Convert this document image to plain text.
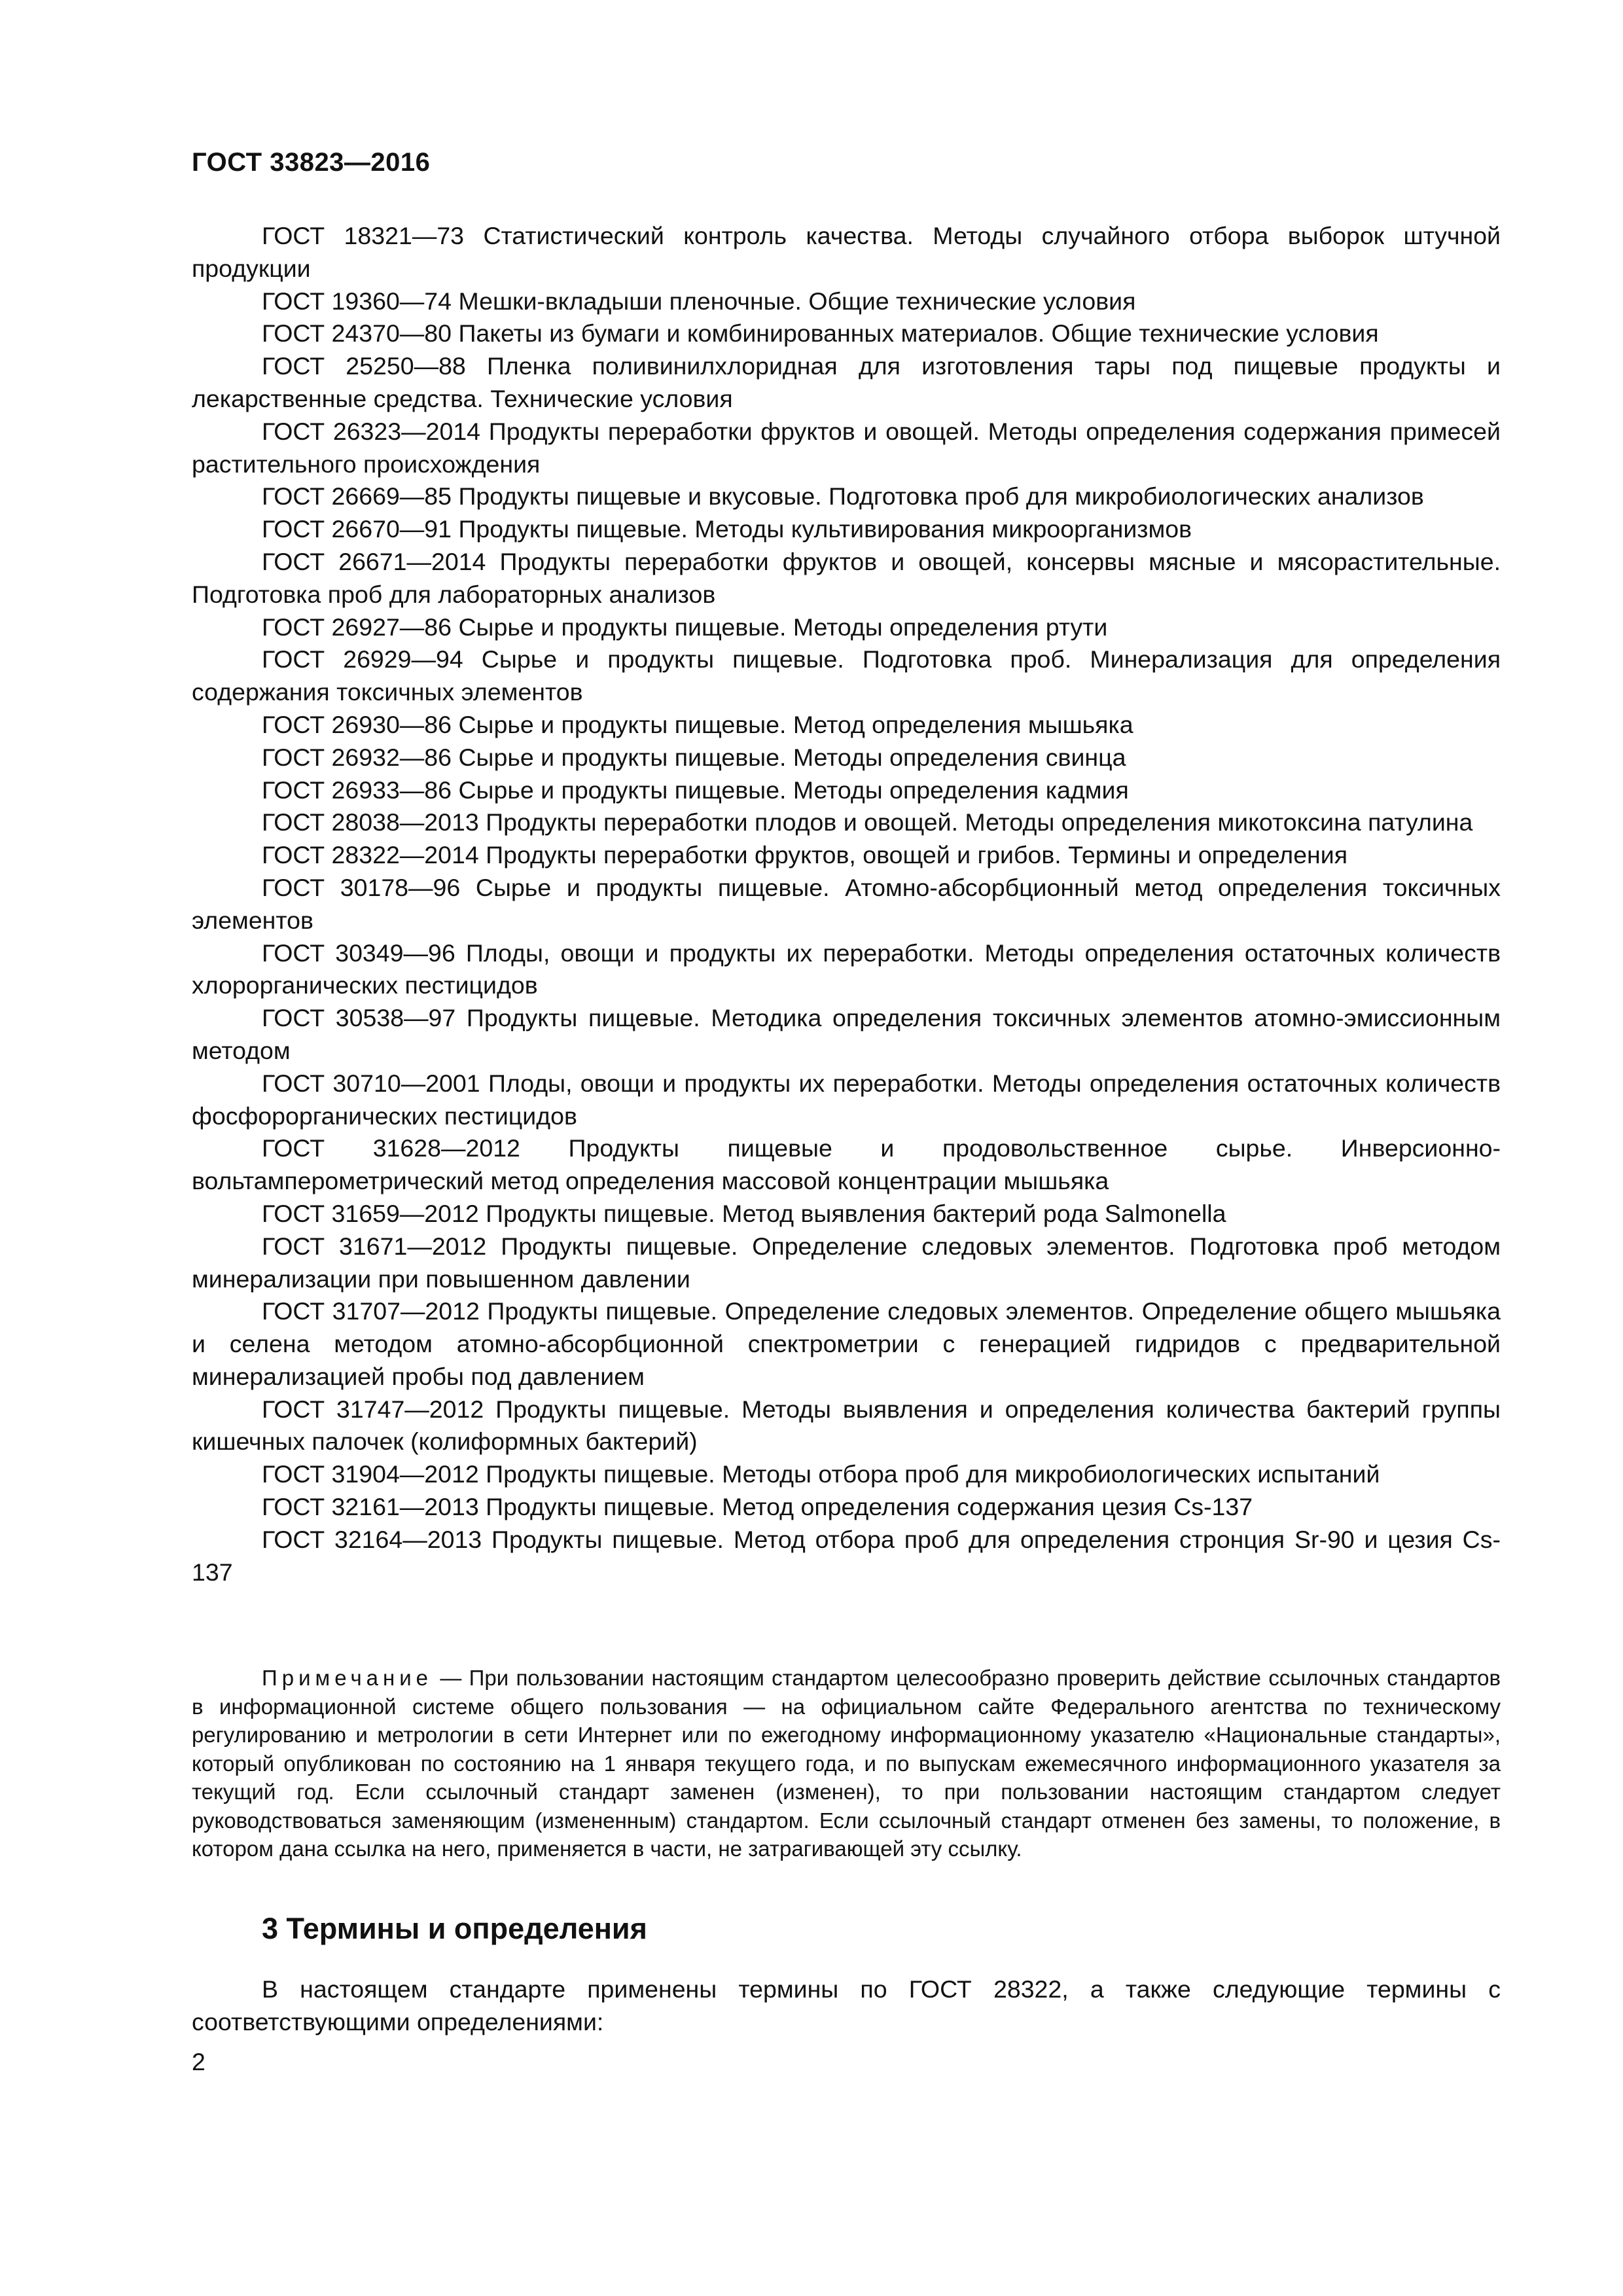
ГОСТ 33823—2016

ГОСТ 18321—73 Статистический контроль качества. Методы случайного отбора выборок штучной продукции

ГОСТ 19360—74 Мешки-вкладыши пленочные. Общие технические условия

ГОСТ 24370—80 Пакеты из бумаги и комбинированных материалов. Общие технические условия

ГОСТ 25250—88 Пленка поливинилхлоридная для изготовления тары под пищевые продукты и лекарственные средства. Технические условия

ГОСТ 26323—2014 Продукты переработки фруктов и овощей. Методы определения содержания примесей растительного происхождения

ГОСТ 26669—85 Продукты пищевые и вкусовые. Подготовка проб для микробиологических анализов

ГОСТ 26670—91 Продукты пищевые. Методы культивирования микроорганизмов

ГОСТ 26671—2014 Продукты переработки фруктов и овощей, консервы мясные и мясорастительные. Подготовка проб для лабораторных анализов

ГОСТ 26927—86 Сырье и продукты пищевые. Методы определения ртути

ГОСТ 26929—94 Сырье и продукты пищевые. Подготовка проб. Минерализация для определения содержания токсичных элементов

ГОСТ 26930—86 Сырье и продукты пищевые. Метод определения мышьяка

ГОСТ 26932—86 Сырье и продукты пищевые. Методы определения свинца

ГОСТ 26933—86 Сырье и продукты пищевые. Методы определения кадмия

ГОСТ 28038—2013 Продукты переработки плодов и овощей. Методы определения микотоксина патулина

ГОСТ 28322—2014 Продукты переработки фруктов, овощей и грибов. Термины и определения

ГОСТ 30178—96 Сырье и продукты пищевые. Атомно-абсорбционный метод определения токсичных элементов

ГОСТ 30349—96 Плоды, овощи и продукты их переработки. Методы определения остаточных количеств хлорорганических пестицидов

ГОСТ 30538—97 Продукты пищевые. Методика определения токсичных элементов атомно-эмиссионным методом

ГОСТ 30710—2001 Плоды, овощи и продукты их переработки. Методы определения остаточных количеств фосфорорганических пестицидов

ГОСТ 31628—2012 Продукты пищевые и продовольственное сырье. Инверсионно-вольтамперометрический метод определения массовой концентрации мышьяка

ГОСТ 31659—2012 Продукты пищевые. Метод выявления бактерий рода Salmonella

ГОСТ 31671—2012 Продукты пищевые. Определение следовых элементов. Подготовка проб методом минерализации при повышенном давлении

ГОСТ 31707—2012 Продукты пищевые. Определение следовых элементов. Определение общего мышьяка и селена методом атомно-абсорбционной спектрометрии с генерацией гидридов с предварительной минерализацией пробы под давлением

ГОСТ 31747—2012 Продукты пищевые. Методы выявления и определения количества бактерий группы кишечных палочек (колиформных бактерий)

ГОСТ 31904—2012 Продукты пищевые. Методы отбора проб для микробиологических испытаний

ГОСТ 32161—2013 Продукты пищевые. Метод определения содержания цезия Cs-137

ГОСТ 32164—2013 Продукты пищевые. Метод отбора проб для определения стронция Sr-90 и цезия Cs-137

Примечание — При пользовании настоящим стандартом целесообразно проверить действие ссылочных стандартов в информационной системе общего пользования — на официальном сайте Федерального агентства по техническому регулированию и метрологии в сети Интернет или по ежегодному информационному указателю «Национальные стандарты», который опубликован по состоянию на 1 января текущего года, и по выпускам ежемесячного информационного указателя за текущий год. Если ссылочный стандарт заменен (изменен), то при пользовании настоящим стандартом следует руководствоваться заменяющим (измененным) стандартом. Если ссылочный стандарт отменен без замены, то положение, в котором дана ссылка на него, применяется в части, не затрагивающей эту ссылку.

3 Термины и определения

В настоящем стандарте применены термины по ГОСТ 28322, а также следующие термины с соответствующими определениями:

2
